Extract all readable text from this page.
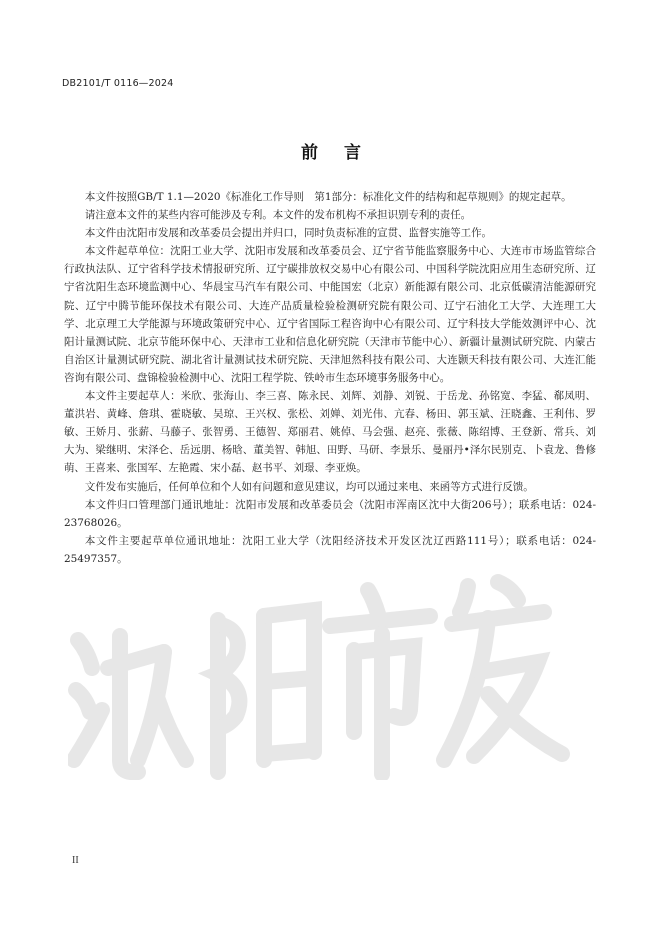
DB2101/T 0116—2024
前言

本文件按照GB/T 1.1—2020《标准化工作导则　第1部分：标准化文件的结构和起草规则》的规定起草。

请注意本文件的某些内容可能涉及专利。本文件的发布机构不承担识别专利的责任。

本文件由沈阳市发展和改革委员会提出并归口，同时负责标准的宣贯、监督实施等工作。

本文件起草单位：沈阳工业大学、沈阳市发展和改革委员会、辽宁省节能监察服务中心、大连市市场监管综合行政执法队、辽宁省科学技术情报研究所、辽宁碳排放权交易中心有限公司、中国科学院沈阳应用生态研究所、辽宁省沈阳生态环境监测中心、华晨宝马汽车有限公司、中能国宏（北京）新能源有限公司、北京低碳清洁能源研究院、辽宁中腾节能环保技术有限公司、大连产品质量检验检测研究院有限公司、辽宁石油化工大学、大连理工大学、北京理工大学能源与环境政策研究中心、辽宁省国际工程咨询中心有限公司、辽宁科技大学能效测评中心、沈阳计量测试院、北京节能环保中心、天津市工业和信息化研究院（天津市节能中心）、新疆计量测试研究院、内蒙古自治区计量测试研究院、湖北省计量测试技术研究院、天津旭然科技有限公司、大连颢天科技有限公司、大连汇能咨询有限公司、盘锦检验检测中心、沈阳工程学院、铁岭市生态环境事务服务中心。

本文件主要起草人：米欣、张海山、李三喜、陈永民、刘辉、刘静、刘锐、于岳龙、孙铭宽、李猛、郗凤明、董洪岩、黄峰、詹琪、霍晓敏、吴琼、王兴权、张松、刘婵、刘光伟、亢春、杨田、郭玉斌、汪晓鑫、王利伟、罗敏、王娇月、张薪、马藤子、张智勇、王德智、郑丽君、姚倬、马会强、赵亮、张薇、陈绍博、王登新、常兵、刘大为、梁继明、宋泽仑、岳远朋、杨晗、董美智、韩旭、田野、马研、李景乐、曼丽丹•泽尔民别克、卜袁龙、鲁修萌、王喜来、张国军、左艳霞、宋小磊、赵书平、刘璟、李亚焕。

文件发布实施后，任何单位和个人如有问题和意见建议，均可以通过来电、来函等方式进行反馈。

本文件归口管理部门通讯地址：沈阳市发展和改革委员会（沈阳市浑南区沈中大街206号）；联系电话：024-23768026。

本文件主要起草单位通讯地址：沈阳工业大学（沈阳经济技术开发区沈辽西路111号）；联系电话：024-25497357。

II
